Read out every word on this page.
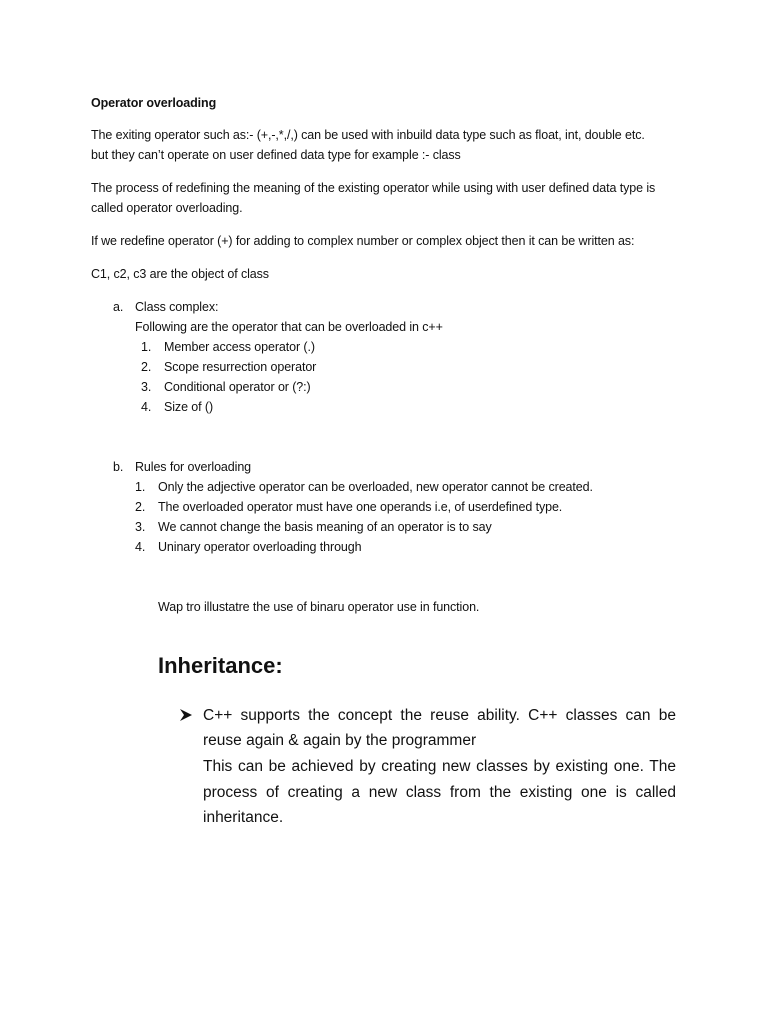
Operator overloading
The exiting operator such as:- (+,-,*,/,) can be used with inbuild data type such as float, int, double etc.
but they can’t operate on user defined data type for example :- class
The process of redefining the meaning of the existing operator while using with user defined data type is
called operator overloading.
If we redefine operator (+) for adding to complex number or complex object then it can be written as:
C1, c2, c3 are the object of class
a. Class complex:
Following are the operator that can be overloaded in c++
1. Member access operator (.)
2. Scope resurrection operator
3. Conditional operator or (?:)
4. Size of ()
b. Rules for overloading
1. Only the adjective operator can be overloaded, new operator cannot be created.
2. The overloaded operator must have one operands i.e, of userdefined type.
3. We cannot change the basis meaning of an operator is to say
4. Uninary operator overloading through
Wap tro illustatre the use of binaru operator use in function.
Inheritance:
C++ supports the concept the reuse ability. C++ classes can be
reuse again & again by the programmer
This can be achieved by creating new classes by existing one. The
process of creating a new class from the existing one is called
inheritance.
